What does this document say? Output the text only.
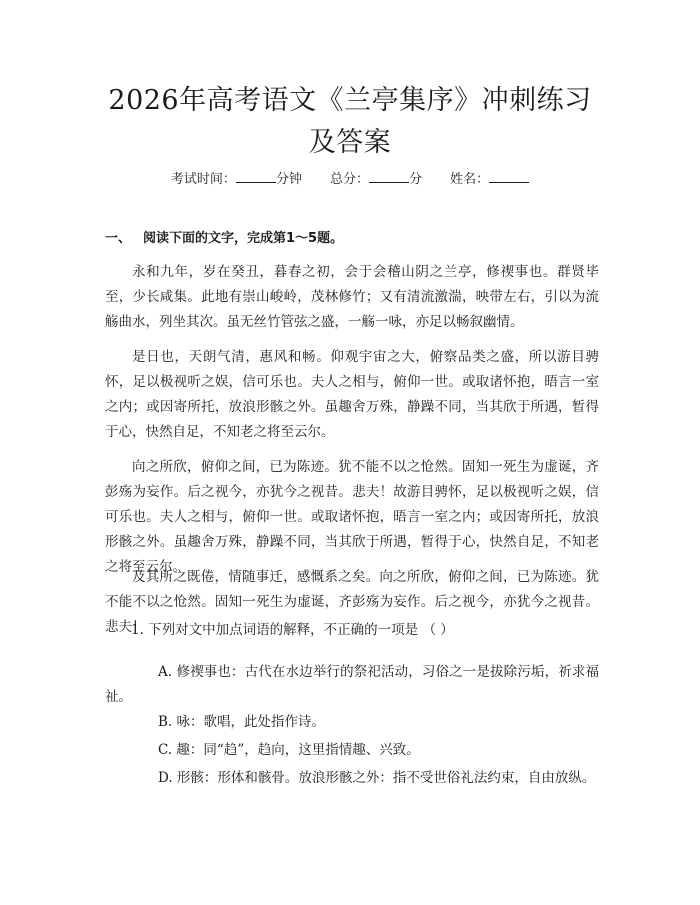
2026年高考语文《兰亭集序》冲刺练习及答案
考试时间：	分钟 总分：	分 姓名：
一、 阅读下面的文字，完成第1～5题。

永和九年，岁在癸丑，暮春之初，会于会稽山阴之兰亭，修禊事也。群贤毕至，少长咸集。此地有崇山峻岭，茂林修竹；又有清流激湍，映带左右，引以为流觞曲水，列坐其次。虽无丝竹管弦之盛，一觞一咏，亦足以畅叙幽情。

是日也，天朗气清，惠风和畅。仰观宇宙之大，俯察品类之盛，所以游目骋怀，足以极视听之娱，信可乐也。夫人之相与，俯仰一世。或取诸怀抱，晤言一室之内；或因寄所托，放浪形骸之外。虽趣舍万殊，静躁不同，当其欣于所遇，暂得于心，快然自足，不知老之将至云尔。

向之所欣，俯仰之间，已为陈迹。犹不能不以之怆然。固知一死生为虚诞，齐彭殇为妄作。后之视今，亦犹今之视昔。悲夫！故游目骋怀，足以极视听之娱，信可乐也。夫人之相与，俯仰一世。或取诸怀抱，晤言一室之内；或因寄所托，放浪形骸之外。虽趣舍万殊，静躁不同，当其欣于所遇，暂得于心，快然自足，不知老之将至云尔。

及其所之既倦，情随事迁，感慨系之矣。向之所欣，俯仰之间，已为陈迹。犹不能不以之怆然。固知一死生为虚诞，齐彭殇为妄作。后之视今，亦犹今之视昔。悲夫！

1. 下列对文中加点词语的解释，不正确的一项是 （ ）

A. 修禊事也：古代在水边举行的祭祀活动，习俗之一是拔除污垢，祈求福祉。

B. 咏：歌唱，此处指作诗。

C. 趣：同“趋”，趋向，这里指情趣、兴致。

D. 形骸：形体和骸骨。放浪形骸之外：指不受世俗礼法约束，自由放纵。
